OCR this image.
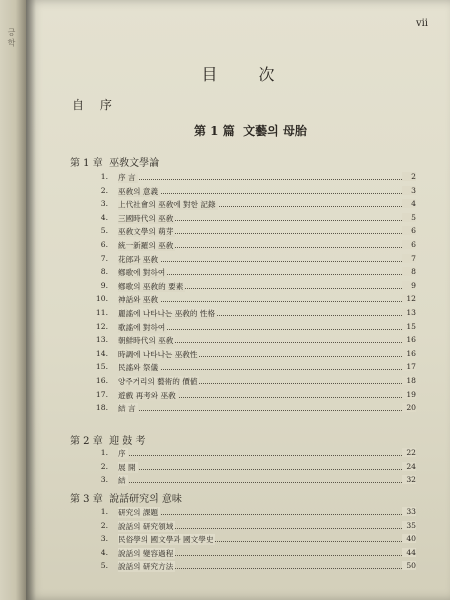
긍 학
vii
目 次
自 序
第 1 篇 文藝의 母胎
第 1 章 巫敎文學論
第 2 章 迎 鼓 考
第 3 章 說話研究의 意味
1. 序 言	2
2. 巫敎의 意義	3
3. 上代社會의 巫敎에 對한 記錄	4
4. 三國時代의 巫敎	5
5. 巫敎文學의 萌芽	6
6. 統一新羅의 巫敎	6
7. 花郎과 巫敎	7
8. 鄕歌에 對하여	8
9. 鄕歌의 巫敎的 要素	9
10. 神話와 巫敎	12
11. 麗謠에 나타나는 巫敎的 性格	13
12. 歌謠에 對하여	15
13. 朝鮮時代의 巫敎	16
14. 時調에 나타나는 巫敎性	16
15. 民謠와 祭儀	17
16. 양주거리의 藝術的 價値	18
17. 遊戲 再考와 巫敎	19
18. 結 言	20
1. 序	22
2. 展 開	24
3. 結	32
1. 研究의 課題	33
2. 說話의 研究領域	35
3. 民俗學의 國文學과 國文學史	40
4. 說話의 變容過程	44
5. 說話의 研究方法	50
